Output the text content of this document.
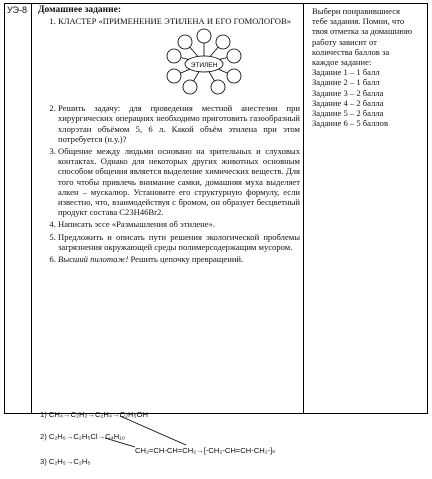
УЭ-8 Домашнее задание:
1. КЛАСТЕР «ПРИМЕНЕНИЕ ЭТИЛЕНА И ЕГО ГОМОЛОГОВ»
ЭТИЛЕН
2. Решить задачу: для проведения местной анестезии при хирургических операциях необходимо приготовить газообразный хлорэтан объёмом 5, 6 л. Какой объём этилена при этом потребуется (н.у.)?
3. Общение между людьми основано на зрительных и слуховых контактах. Однако для некоторых других животных основным способом общения является выделение химических веществ. Для того чтобы привлечь внимание самки, домашняя муха выделяет алкен – мускалюр. Установите его структурную формулу, если известно, что, взаимодействуя с бромом, он образует бесцветный продукт состава C23H46Br2.
4. Написать эссе «Размышления об этилене».
5. Предложить и описать пути решения экологической проблемы загрязнения окружающей среды полимерсодержащим мусором.
6. Высший пилотаж! Решить цепочку превращений.
Выбери понравившиеся
тебе задания. Помни, что
твоя отметка за домашнюю
работу зависит от
количества баллов за
каждое задание:
Задание 1 – 1 балл
Задание 2 – 1 балл
Задание 3 – 2 балла
Задание 4 – 2 балла
Задание 5 – 2 балла
Задание 6 – 5 баллов
1) CH₄→C₂H₂→C₂H₄→C₂H₅OH
2) C₂H₆→C₂H₅Cl→C₄H₁₀
CH₂=CH-CH=CH₂→[-CH₂-CH=CH-CH₂-]ₙ
3) C₂H₅→C₂H₅
